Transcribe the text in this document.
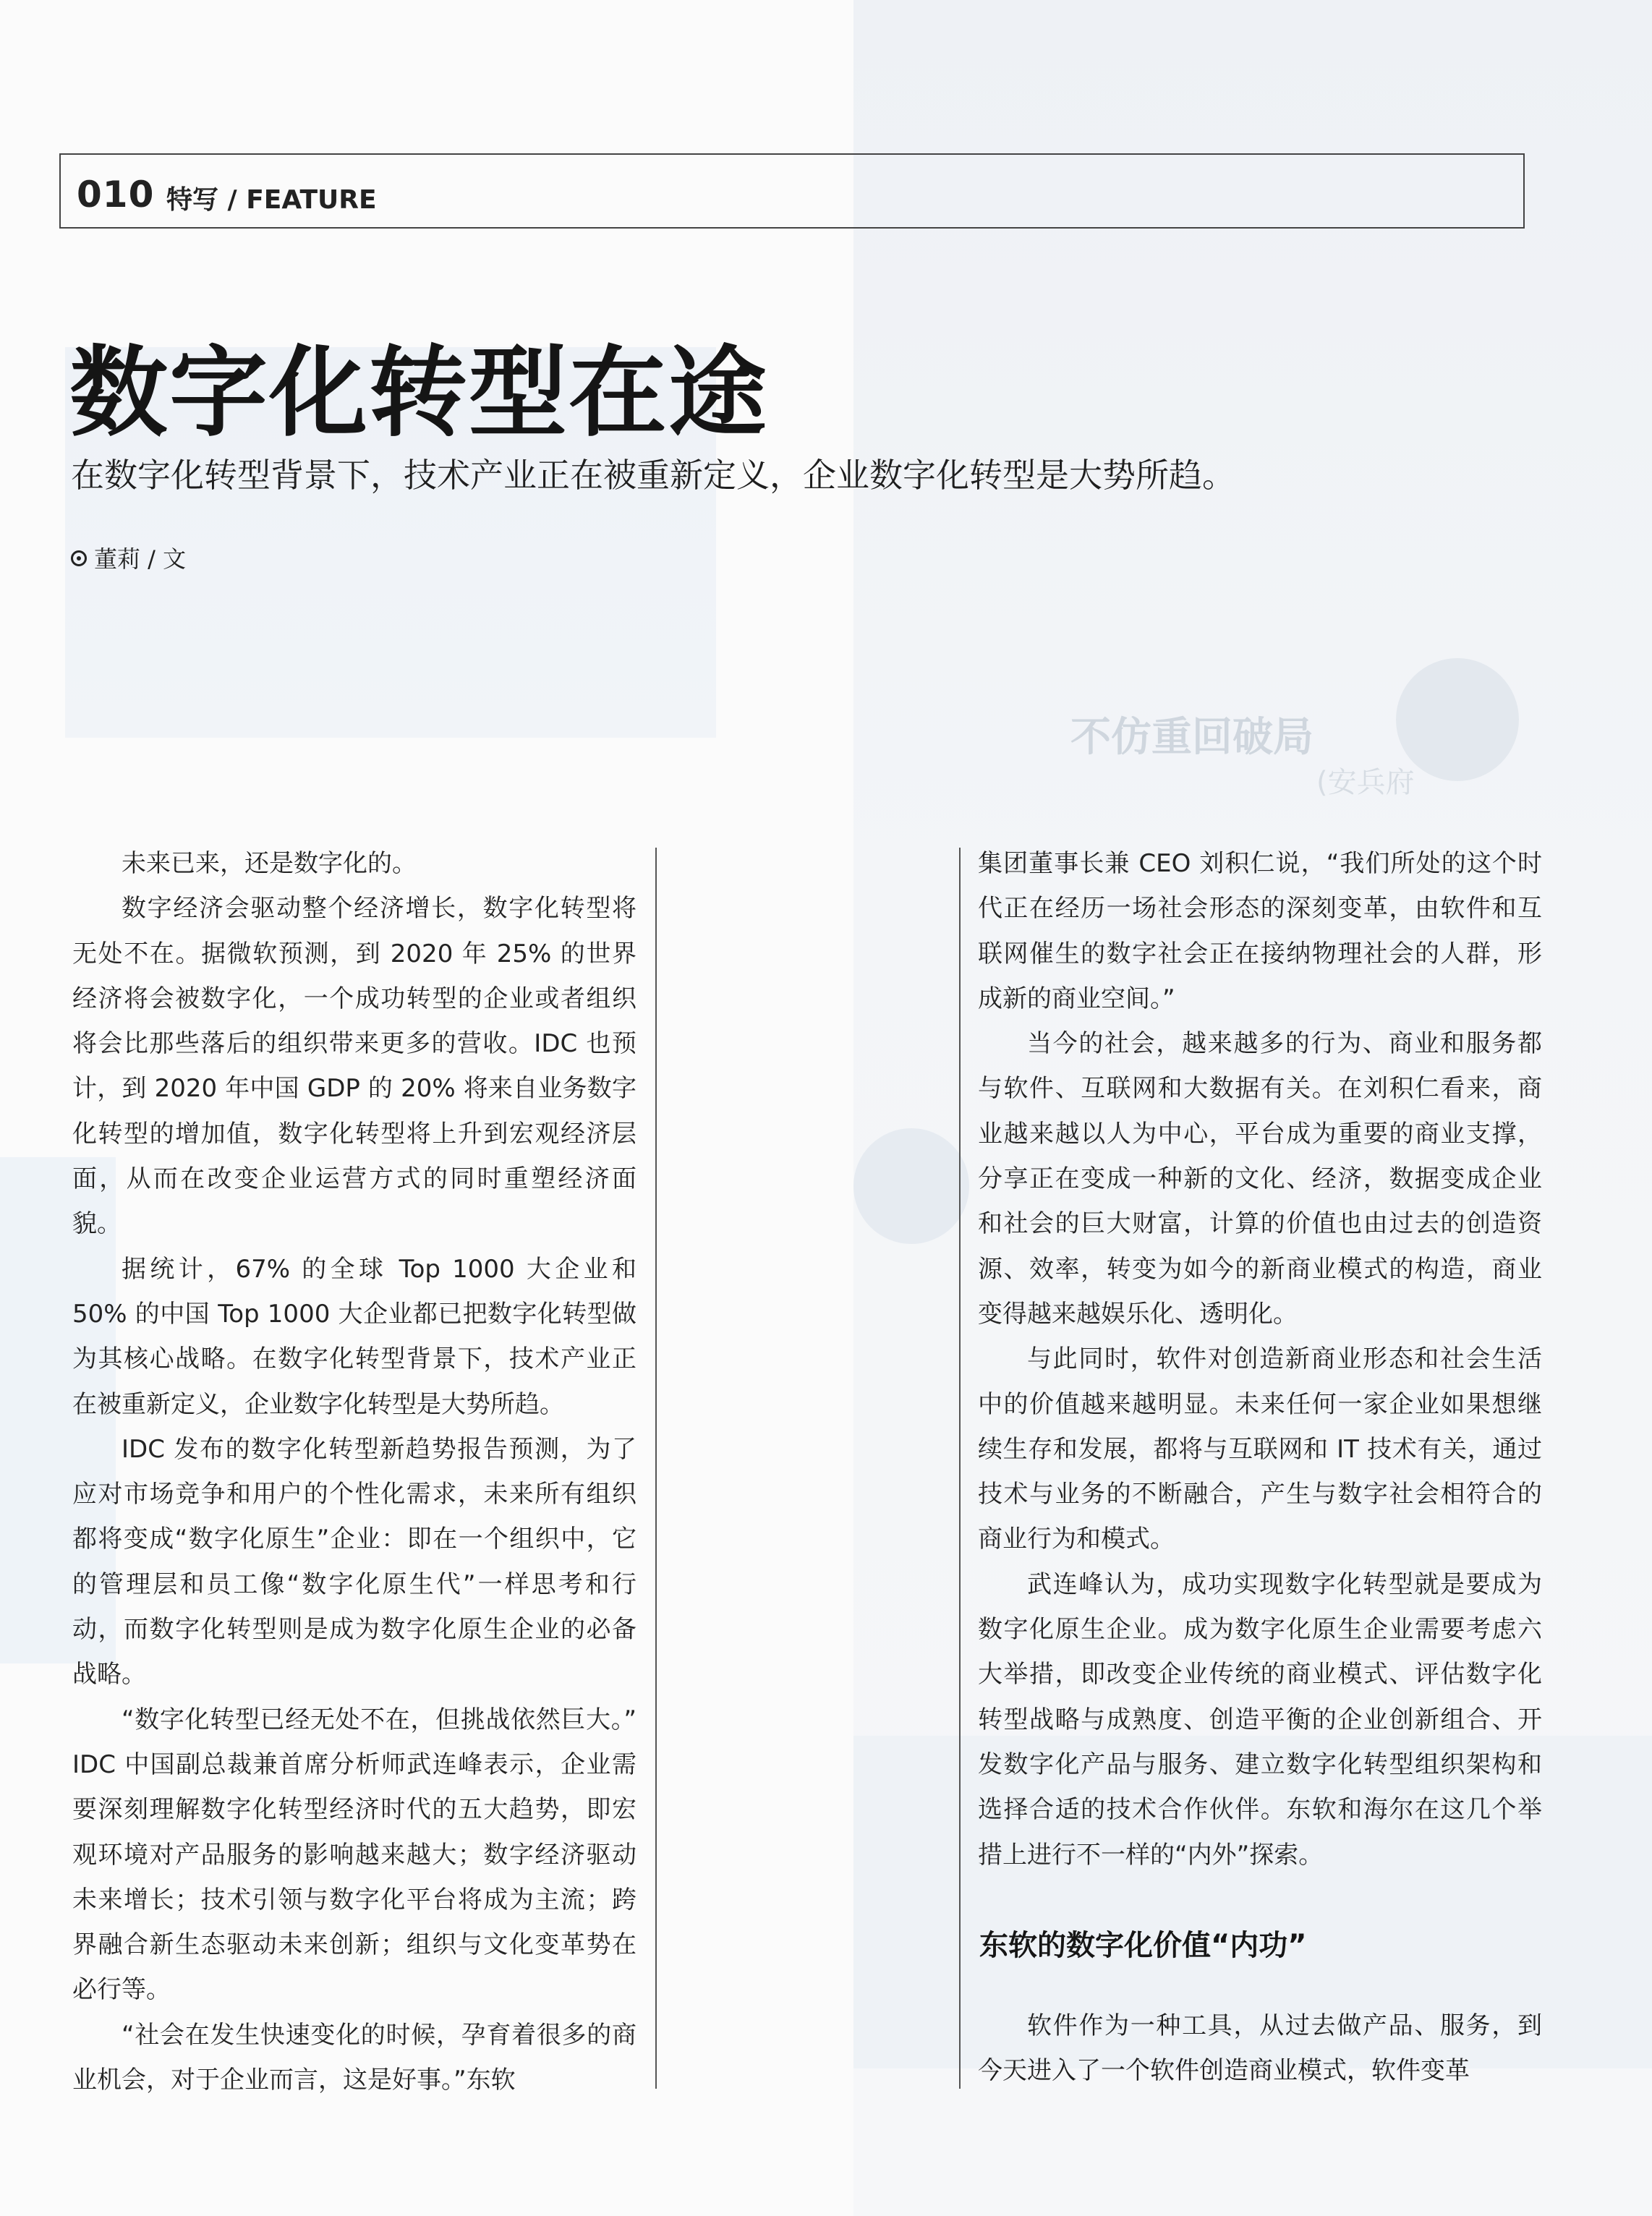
不仿重回破局
(安兵府
010 特写 / FEATURE
数字化转型在途
在数字化转型背景下，技术产业正在被重新定义，企业数字化转型是大势所趋。
董莉 / 文

未来已来，还是数字化的。

数字经济会驱动整个经济增长，数字化转型将无处不在。据微软预测，到 2020 年 25% 的世界经济将会被数字化，一个成功转型的企业或者组织将会比那些落后的组织带来更多的营收。IDC 也预计，到 2020 年中国 GDP 的 20% 将来自业务数字化转型的增加值，数字化转型将上升到宏观经济层面，从而在改变企业运营方式的同时重塑经济面貌。

据统计，67% 的全球 Top 1000 大企业和 50% 的中国 Top 1000 大企业都已把数字化转型做为其核心战略。在数字化转型背景下，技术产业正在被重新定义，企业数字化转型是大势所趋。

IDC 发布的数字化转型新趋势报告预测，为了应对市场竞争和用户的个性化需求，未来所有组织都将变成“数字化原生”企业：即在一个组织中，它的管理层和员工像“数字化原生代”一样思考和行动，而数字化转型则是成为数字化原生企业的必备战略。

“数字化转型已经无处不在，但挑战依然巨大。” IDC 中国副总裁兼首席分析师武连峰表示，企业需要深刻理解数字化转型经济时代的五大趋势，即宏观环境对产品服务的影响越来越大；数字经济驱动未来增长；技术引领与数字化平台将成为主流；跨界融合新生态驱动未来创新；组织与文化变革势在必行等。

“社会在发生快速变化的时候，孕育着很多的商业机会，对于企业而言，这是好事。”东软

集团董事长兼 CEO 刘积仁说，“我们所处的这个时代正在经历一场社会形态的深刻变革，由软件和互联网催生的数字社会正在接纳物理社会的人群，形成新的商业空间。”

当今的社会，越来越多的行为、商业和服务都与软件、互联网和大数据有关。在刘积仁看来，商业越来越以人为中心，平台成为重要的商业支撑，分享正在变成一种新的文化、经济，数据变成企业和社会的巨大财富，计算的价值也由过去的创造资源、效率，转变为如今的新商业模式的构造，商业变得越来越娱乐化、透明化。

与此同时，软件对创造新商业形态和社会生活中的价值越来越明显。未来任何一家企业如果想继续生存和发展，都将与互联网和 IT 技术有关，通过技术与业务的不断融合，产生与数字社会相符合的商业行为和模式。

武连峰认为，成功实现数字化转型就是要成为数字化原生企业。成为数字化原生企业需要考虑六大举措，即改变企业传统的商业模式、评估数字化转型战略与成熟度、创造平衡的企业创新组合、开发数字化产品与服务、建立数字化转型组织架构和选择合适的技术合作伙伴。东软和海尔在这几个举措上进行不一样的“内外”探索。

东软的数字化价值“内功”

软件作为一种工具，从过去做产品、服务，到今天进入了一个软件创造商业模式，软件变革
